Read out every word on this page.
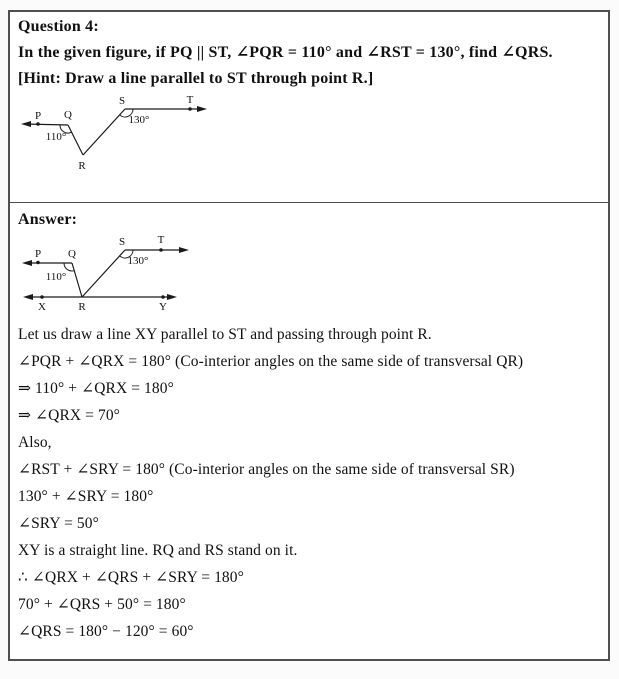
Question 4:
In the given figure, if PQ || ST, ∠PQR = 110° and ∠RST = 130°, find ∠QRS.
[Hint: Draw a line parallel to ST through point R.]
P Q
R
S	T
110°
130°
Answer:
P Q
S	T
110°
130°
X	R	Y
Let us draw a line XY parallel to ST and passing through point R.
∠PQR + ∠QRX = 180° (Co-interior angles on the same side of transversal QR)
⇒ 110° + ∠QRX = 180°
⇒ ∠QRX = 70°
Also,
∠RST + ∠SRY = 180° (Co-interior angles on the same side of transversal SR)
130° + ∠SRY = 180°
∠SRY = 50°
XY is a straight line. RQ and RS stand on it.
∴ ∠QRX + ∠QRS + ∠SRY = 180°
70° + ∠QRS + 50° = 180°
∠QRS = 180° − 120° = 60°
